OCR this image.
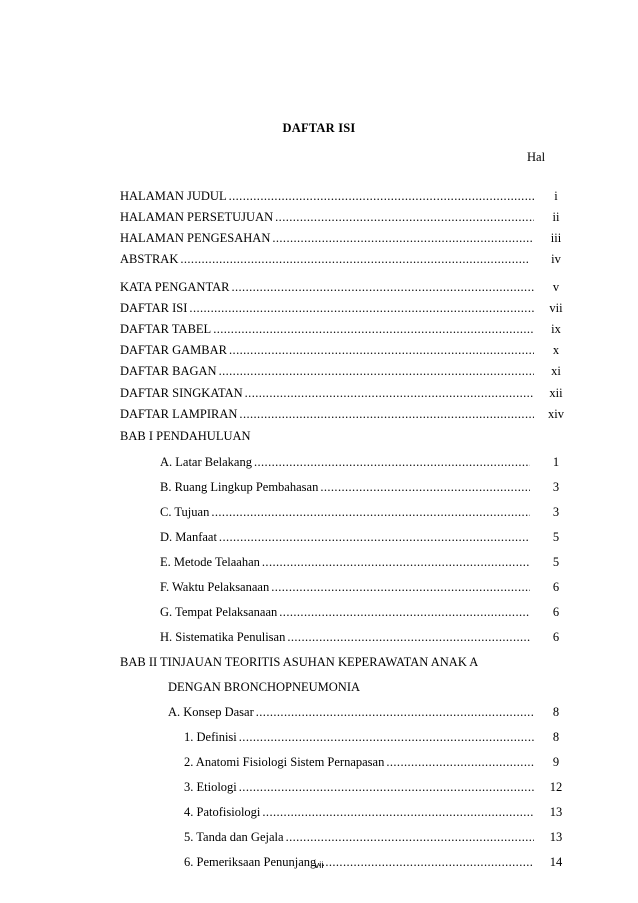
DAFTAR ISI
Hal
HALAMAN JUDUL .....	i
HALAMAN PERSETUJUAN .....	ii
HALAMAN PENGESAHAN .....	iii
ABSTRAK .....	iv
KATA PENGANTAR .....	v
DAFTAR ISI .....	vii
DAFTAR TABEL .....	ix
DAFTAR GAMBAR .....	x
DAFTAR BAGAN .....	xi
DAFTAR SINGKATAN .....	xii
DAFTAR LAMPIRAN .....	xiv
BAB I PENDAHULUAN
A. Latar Belakang .....	1
B. Ruang Lingkup Pembahasan .....	3
C. Tujuan .....	3
D. Manfaat .....	5
E. Metode Telaahan .....	5
F. Waktu Pelaksanaan .....	6
G. Tempat Pelaksanaan .....	6
H. Sistematika Penulisan .....	6
BAB II TINJAUAN TEORITIS ASUHAN KEPERAWATAN ANAK A
DENGAN BRONCHOPNEUMONIA
A. Konsep Dasar .....	8
1. Definisi .....	8
2. Anatomi Fisiologi Sistem Pernapasan .....	9
3. Etiologi .....	12
4. Patofisiologi .....	13
5. Tanda dan Gejala .....	13
6. Pemeriksaan Penunjang .....	14
vii
